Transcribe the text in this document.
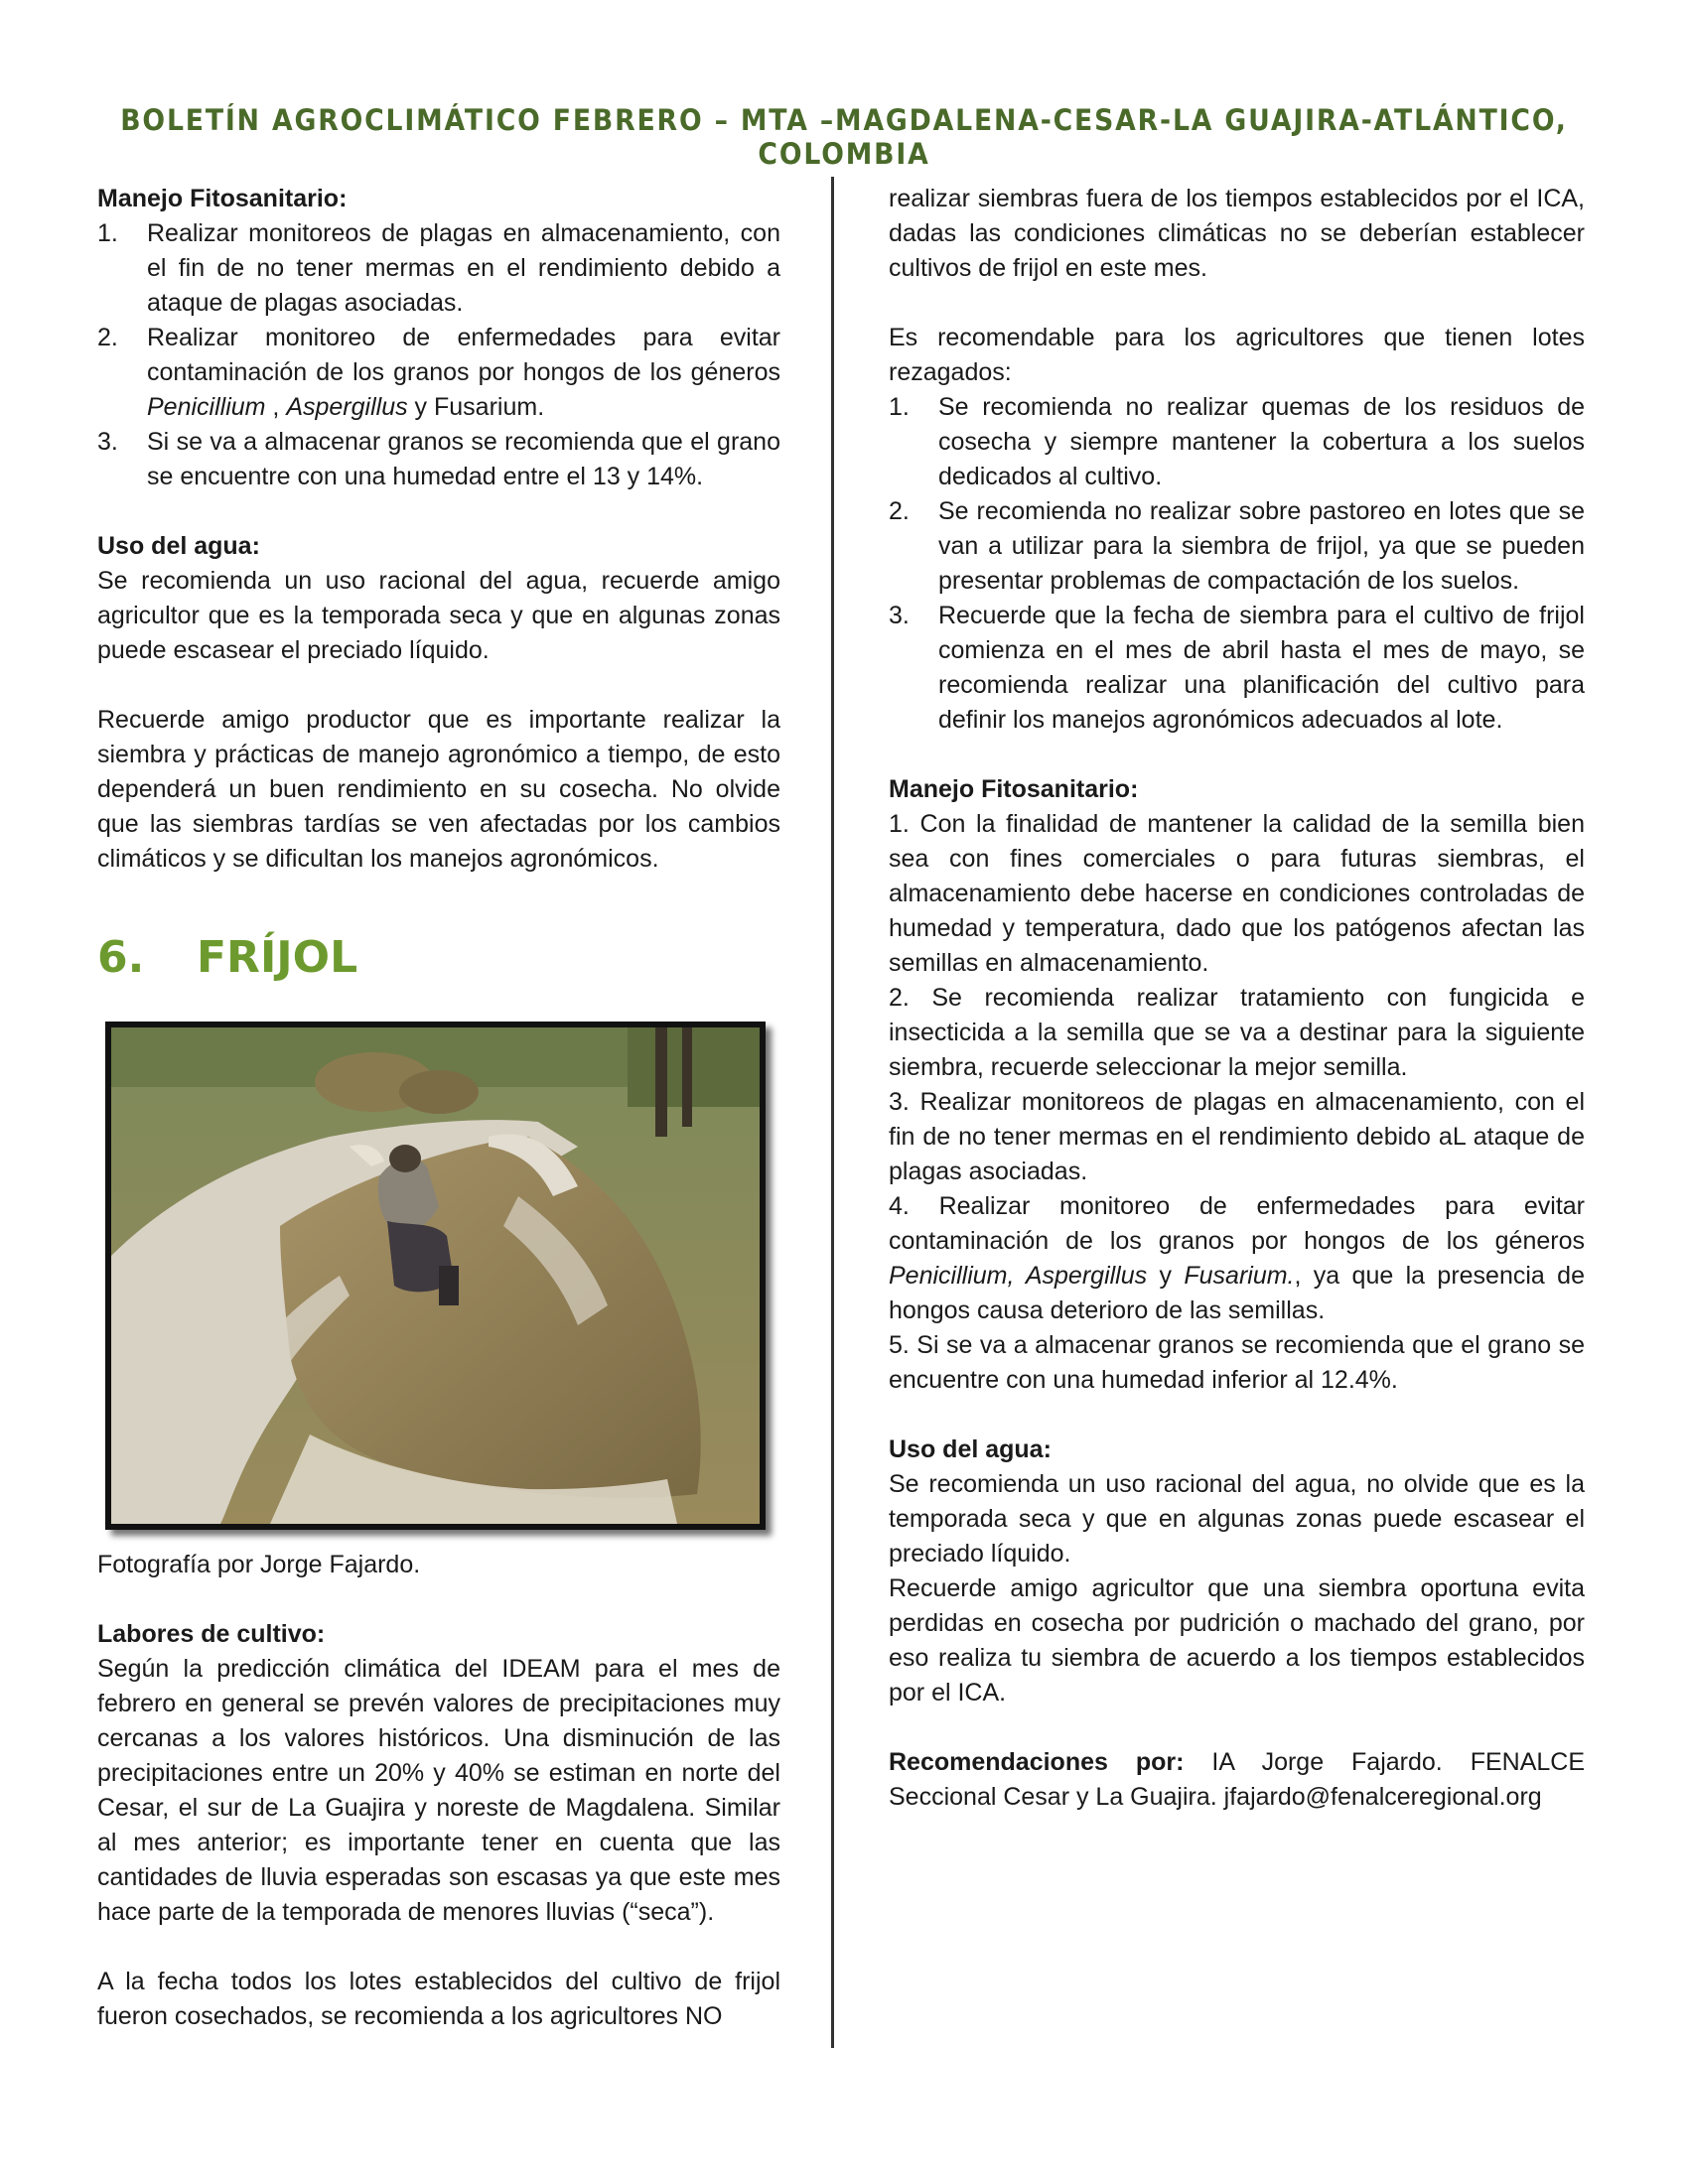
BOLETÍN AGROCLIMÁTICO FEBRERO – MTA –MAGDALENA-CESAR-LA GUAJIRA-ATLÁNTICO, COLOMBIA

Manejo Fitosanitario:

1. Realizar monitoreos de plagas en almacenamiento, con el fin de no tener mermas en el rendimiento debido a ataque de plagas asociadas.
2. Realizar monitoreo de enfermedades para evitar contaminación de los granos por hongos de los géneros Penicillium , Aspergillus y Fusarium.
3. Si se va a almacenar granos se recomienda que el grano se encuentre con una humedad entre el 13 y 14%.

Uso del agua:

Se recomienda un uso racional del agua, recuerde amigo agricultor que es la temporada seca y que en algunas zonas puede escasear el preciado líquido.

Recuerde amigo productor que es importante realizar la siembra y prácticas de manejo agronómico a tiempo, de esto dependerá un buen rendimiento en su cosecha. No olvide que las siembras tardías se ven afectadas por los cambios climáticos y se dificultan los manejos agronómicos.

6.	FRÍJOL

Fotografía por Jorge Fajardo.

Labores de cultivo:

Según la predicción climática del IDEAM para el mes de febrero en general se prevén valores de precipitaciones muy cercanas a los valores históricos. Una disminución de las precipitaciones entre un 20% y 40% se estiman en norte del Cesar, el sur de La Guajira y noreste de Magdalena. Similar al mes anterior; es importante tener en cuenta que las cantidades de lluvia esperadas son escasas ya que este mes hace parte de la temporada de menores lluvias (“seca”).

A la fecha todos los lotes establecidos del cultivo de frijol fueron cosechados, se recomienda a los agricultores NO

realizar siembras fuera de los tiempos establecidos por el ICA, dadas las condiciones climáticas no se deberían establecer cultivos de frijol en este mes.

Es recomendable para los agricultores que tienen lotes rezagados:

1. Se recomienda no realizar quemas de los residuos de cosecha y siempre mantener la cobertura a los suelos dedicados al cultivo.
2. Se recomienda no realizar sobre pastoreo en lotes que se van a utilizar para la siembra de frijol, ya que se pueden presentar problemas de compactación de los suelos.
3. Recuerde que la fecha de siembra para el cultivo de frijol comienza en el mes de abril hasta el mes de mayo, se recomienda realizar una planificación del cultivo para definir los manejos agronómicos adecuados al lote.

Manejo Fitosanitario:

1. Con la finalidad de mantener la calidad de la semilla bien sea con fines comerciales o para futuras siembras, el almacenamiento debe hacerse en condiciones controladas de humedad y temperatura, dado que los patógenos afectan las semillas en almacenamiento.

2. Se recomienda realizar tratamiento con fungicida e insecticida a la semilla que se va a destinar para la siguiente siembra, recuerde seleccionar la mejor semilla.

3. Realizar monitoreos de plagas en almacenamiento, con el fin de no tener mermas en el rendimiento debido aL ataque de plagas asociadas.

4. Realizar monitoreo de enfermedades para evitar contaminación de los granos por hongos de los géneros Penicillium, Aspergillus y Fusarium., ya que la presencia de hongos causa deterioro de las semillas.

5. Si se va a almacenar granos se recomienda que el grano se encuentre con una humedad inferior al 12.4%.

Uso del agua:

Se recomienda un uso racional del agua, no olvide que es la temporada seca y que en algunas zonas puede escasear el preciado líquido.

Recuerde amigo agricultor que una siembra oportuna evita perdidas en cosecha por pudrición o machado del grano, por eso realiza tu siembra de acuerdo a los tiempos establecidos por el ICA.

Recomendaciones por: IA Jorge Fajardo. FENALCE Seccional Cesar y La Guajira. jfajardo@fenalceregional.org
